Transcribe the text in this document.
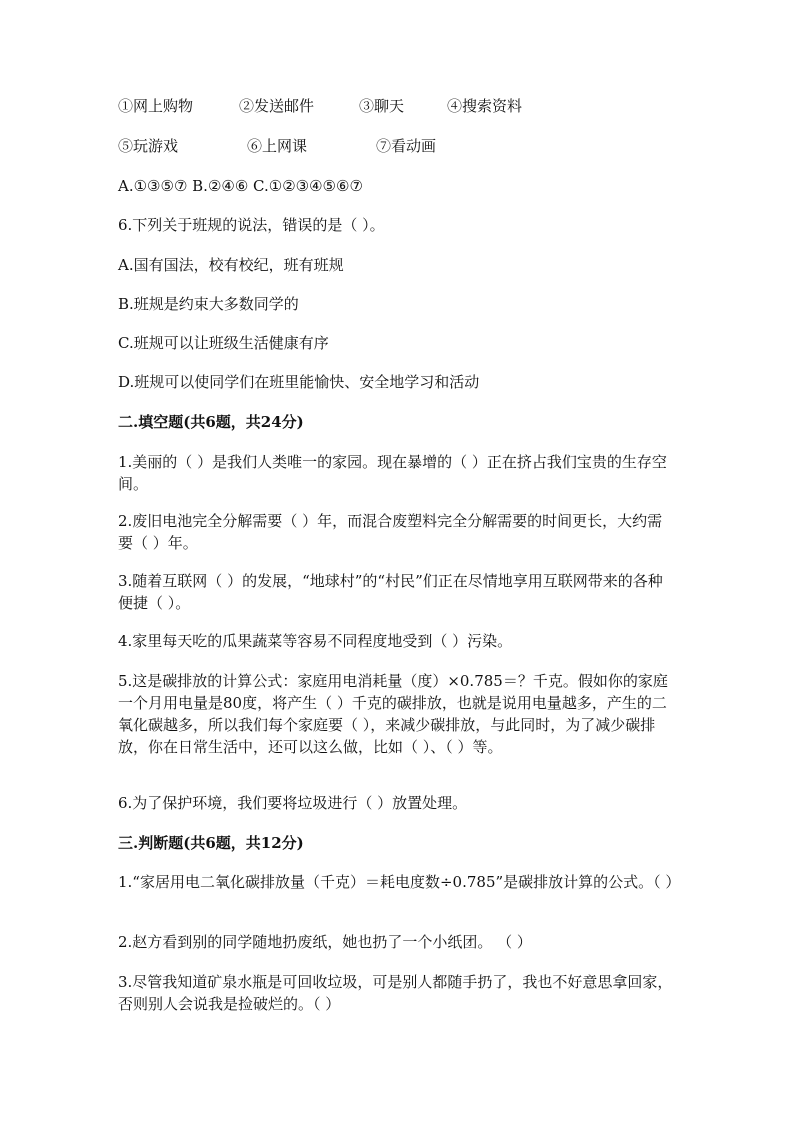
①网上购物	②发送邮件	③聊天	④搜索资料
⑤玩游戏	⑥上网课	⑦看动画
A.①③⑤⑦ B.②④⑥ C.①②③④⑤⑥⑦
6.下列关于班规的说法，错误的是（ ）。
A.国有国法，校有校纪，班有班规
B.班规是约束大多数同学的
C.班规可以让班级生活健康有序
D.班规可以使同学们在班里能愉快、安全地学习和活动
二.填空题(共6题，共24分)
1.美丽的（ ）是我们人类唯一的家园。现在暴增的（ ）正在挤占我们宝贵的生存空间。
2.废旧电池完全分解需要（ ）年，而混合废塑料完全分解需要的时间更长，大约需要（ ）年。
3.随着互联网（ ）的发展，“地球村”的“村民”们正在尽情地享用互联网带来的各种便捷（ ）。
4.家里每天吃的瓜果蔬菜等容易不同程度地受到（ ）污染。
5.这是碳排放的计算公式：家庭用电消耗量（度）×0.785＝？千克。假如你的家庭一个月用电量是80度，将产生（ ）千克的碳排放，也就是说用电量越多，产生的二氧化碳越多，所以我们每个家庭要（ ），来减少碳排放，与此同时，为了减少碳排放，你在日常生活中，还可以这么做，比如（ ）、（ ）等。
6.为了保护环境，我们要将垃圾进行（ ）放置处理。
三.判断题(共6题，共12分)
1.“家居用电二氧化碳排放量（千克）＝耗电度数÷0.785”是碳排放计算的公式。（ ）
2.赵方看到别的同学随地扔废纸，她也扔了一个小纸团。 （ ）
3.尽管我知道矿泉水瓶是可回收垃圾，可是别人都随手扔了，我也不好意思拿回家，否则别人会说我是捡破烂的。（ ）
